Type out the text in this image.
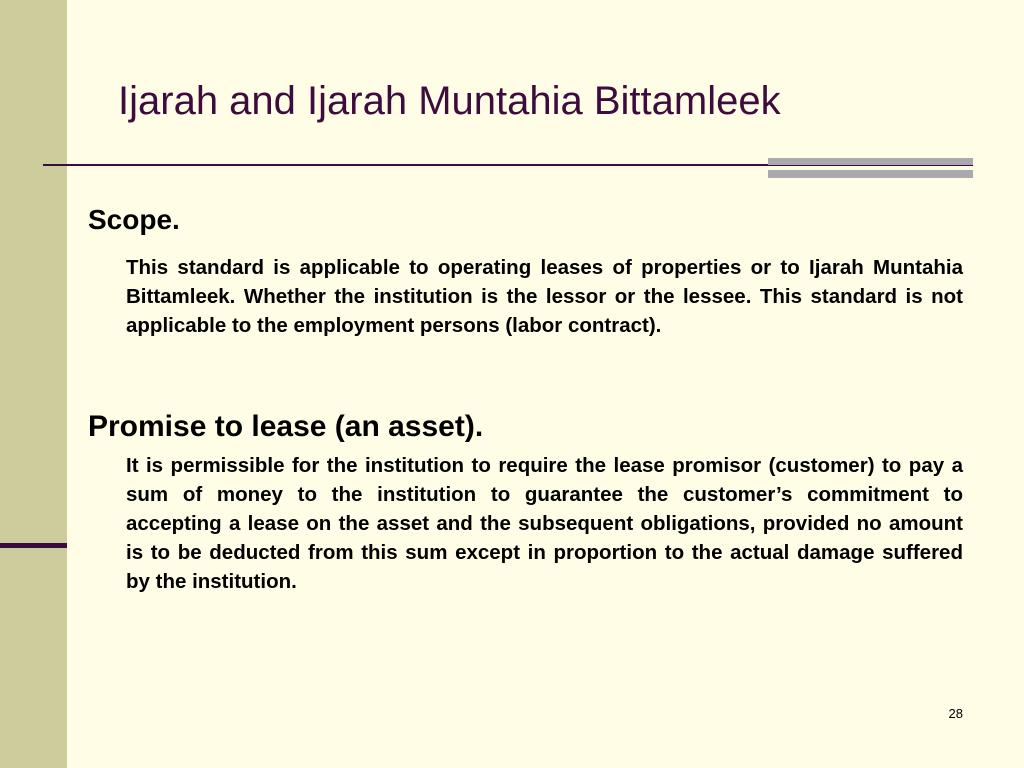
Ijarah and Ijarah Muntahia Bittamleek
Scope.

This standard is applicable to operating leases of properties or to Ijarah Muntahia Bittamleek. Whether the institution is the lessor or the lessee. This standard is not applicable to the employment persons (labor contract).

Promise to lease (an asset).

It is permissible for the institution to require the lease promisor (customer) to pay a sum of money to the institution to guarantee the customer’s commitment to accepting a lease on the asset and the subsequent obligations, provided no amount is to be deducted from this sum except in proportion to the actual damage suffered by the institution.

28
